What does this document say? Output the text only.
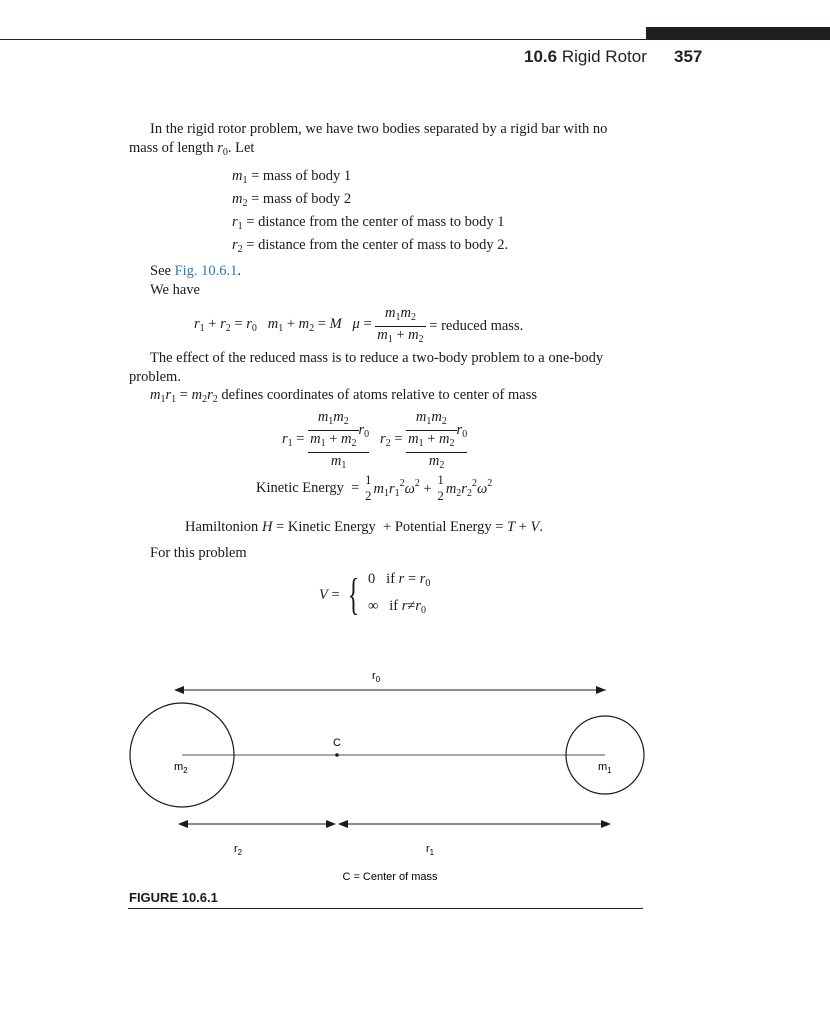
10.6 Rigid Rotor 357
In the rigid rotor problem, we have two bodies separated by a rigid bar with no
mass of length $r_0$. Let
$m_1$ = mass of body 1
$m_2$ = mass of body 2
$r_1$ = distance from the center of mass to body 1
$r_2$ = distance from the center of mass to body 2.
See Fig. 10.6.1.
We have
$r_1 + r_2 = r_0$ $m_1 + m_2 = M$ $\mu = \frac{m_1m_2}{m_1 + m_2}$ = reduced mass.
The effect of the reduced mass is to reduce a two-body problem to a one-body
problem.
$m_1r_1 = m_2r_2$ defines coordinates of atoms relative to center of mass
$r_1 = \frac{\frac{m_1m_2}{m_1 + m_2} r_0}{m_1} r_2 = \frac{\frac{m_1m_2}{m_1 + m_2} r_0}{m_2}$
Kinetic Energy  = 1
2 $m_1r_1^2\omega^2$ +
1
2 $m_2r_2^2\omega^2$
Hamiltonion H = Kinetic Energy + Potential Energy = T + V.
For this problem
V = { 0 if $r = r_0$
∞ if $r\ne r_0$
$r_0$
C
$m_2$	$m_1$
$r_2$	$r_1$
C = Center of mass
FIGURE 10.6.1
